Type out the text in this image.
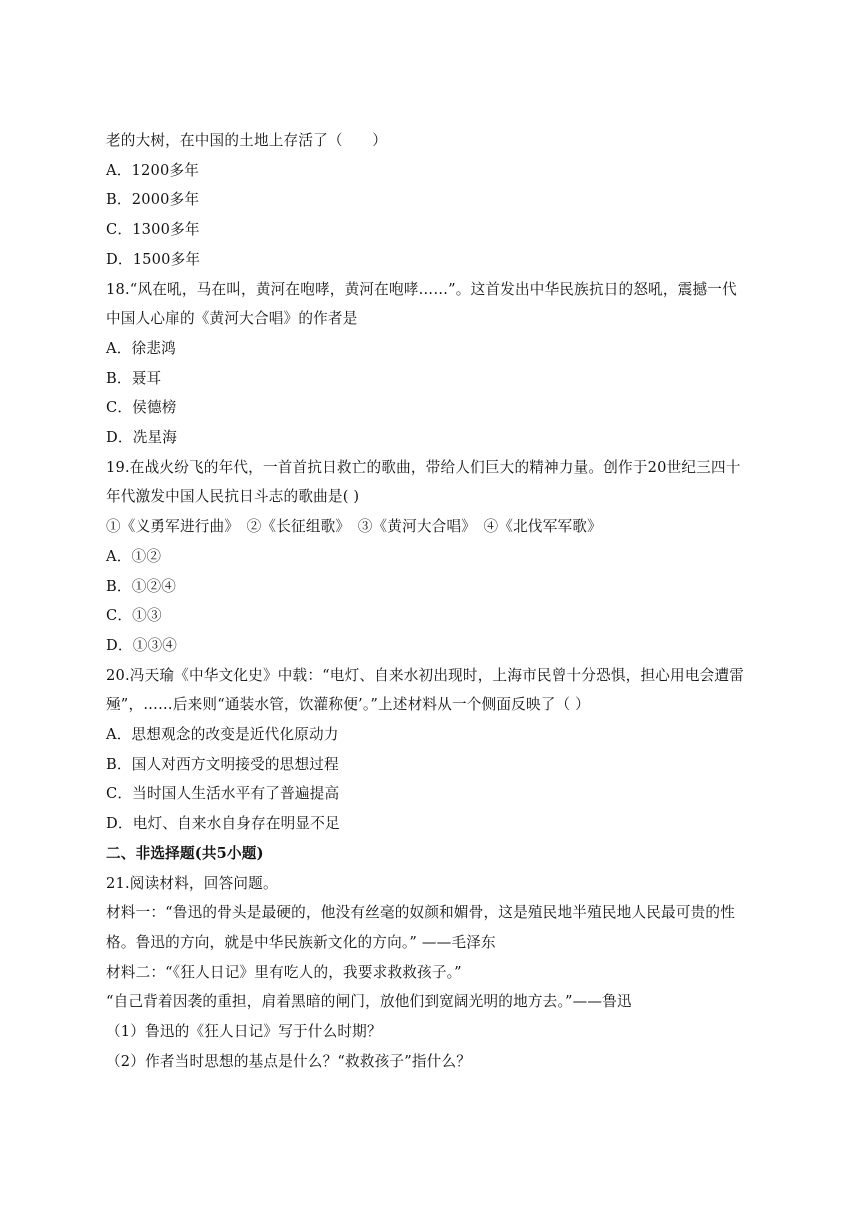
老的大树，在中国的土地上存活了（　　）
A．1200多年
B．2000多年
C．1300多年
D．1500多年
18.“风在吼，马在叫，黄河在咆哮，黄河在咆哮……”。这首发出中华民族抗日的怒吼，震撼一代
中国人心扉的《黄河大合唱》的作者是
A．徐悲鸿
B．聂耳
C．侯德榜
D．冼星海
19.在战火纷飞的年代，一首首抗日救亡的歌曲，带给人们巨大的精神力量。创作于20世纪三四十
年代激发中国人民抗日斗志的歌曲是( )
①《义勇军进行曲》　②《长征组歌》　③《黄河大合唱》　④《北伐军军歌》
A．①②
B．①②④
C．①③
D．①③④
20.冯天瑜《中华文化史》中载：“电灯、自来水初出现时，上海市民曾十分恐惧，担心用电会遭雷
殛”，……后来则“通装水管，饮灌称便’。”上述材料从一个侧面反映了（ ）
A．思想观念的改变是近代化原动力
B．国人对西方文明接受的思想过程
C．当时国人生活水平有了普遍提高
D．电灯、自来水自身存在明显不足
二、非选择题(共5小题)
21.阅读材料，回答问题。
材料一：“鲁迅的骨头是最硬的，他没有丝毫的奴颜和媚骨，这是殖民地半殖民地人民最可贵的性
格。鲁迅的方向，就是中华民族新文化的方向。” ——毛泽东
材料二：“《狂人日记》里有吃人的，我要求救救孩子。”
“自己背着因袭的重担，肩着黑暗的闸门，放他们到宽阔光明的地方去。”——鲁迅
（1）鲁迅的《狂人日记》写于什么时期？
（2）作者当时思想的基点是什么？“救救孩子”指什么？
